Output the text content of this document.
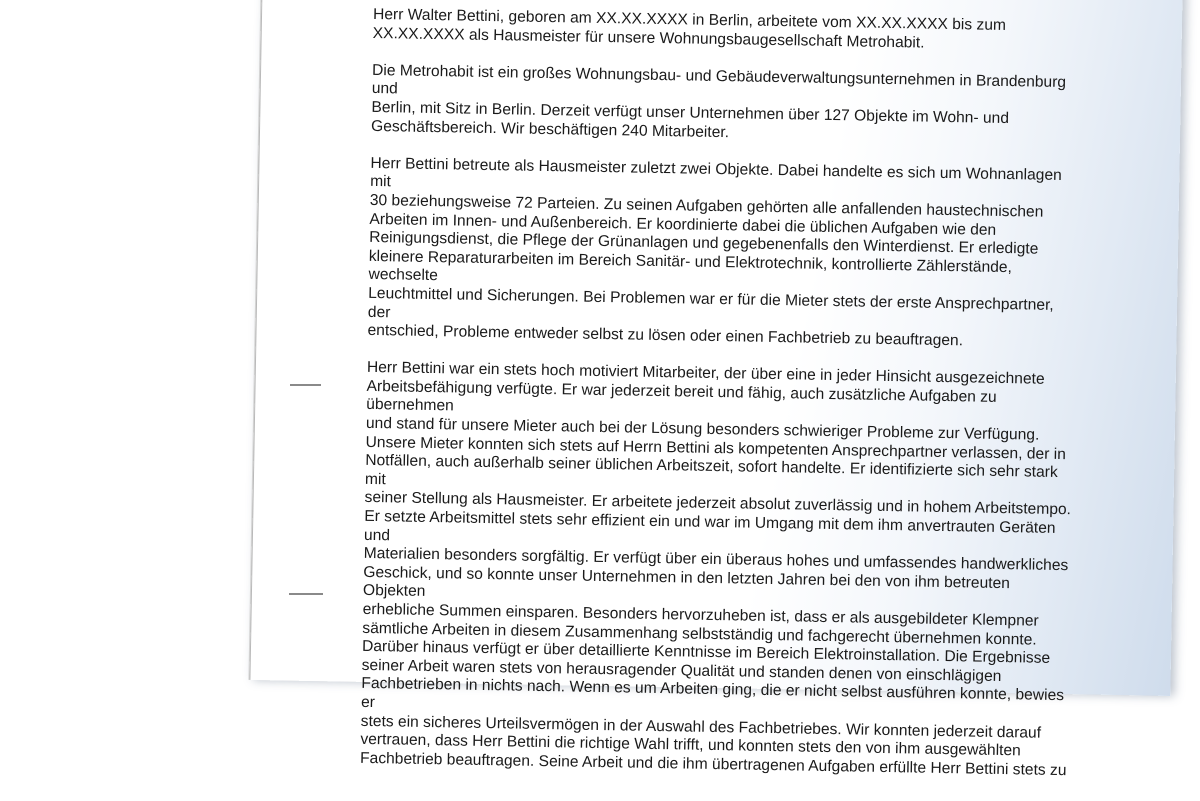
Herr Walter Bettini, geboren am XX.XX.XXXX in Berlin, arbeitete vom XX.XX.XXXX bis zum
XX.XX.XXXX als Hausmeister für unsere Wohnungsbaugesellschaft Metrohabit.

Die Metrohabit ist ein großes Wohnungsbau- und Gebäudeverwaltungsunternehmen in Brandenburg und
Berlin, mit Sitz in Berlin. Derzeit verfügt unser Unternehmen über 127 Objekte im Wohn- und
Geschäftsbereich. Wir beschäftigen 240 Mitarbeiter.

Herr Bettini betreute als Hausmeister zuletzt zwei Objekte. Dabei handelte es sich um Wohnanlagen mit
30 beziehungsweise 72 Parteien. Zu seinen Aufgaben gehörten alle anfallenden haustechnischen
Arbeiten im Innen- und Außenbereich. Er koordinierte dabei die üblichen Aufgaben wie den
Reinigungsdienst, die Pflege der Grünanlagen und gegebenenfalls den Winterdienst. Er erledigte
kleinere Reparaturarbeiten im Bereich Sanitär- und Elektrotechnik, kontrollierte Zählerstände, wechselte
Leuchtmittel und Sicherungen. Bei Problemen war er für die Mieter stets der erste Ansprechpartner, der
entschied, Probleme entweder selbst zu lösen oder einen Fachbetrieb zu beauftragen.

Herr Bettini war ein stets hoch motiviert Mitarbeiter, der über eine in jeder Hinsicht ausgezeichnete
Arbeitsbefähigung verfügte. Er war jederzeit bereit und fähig, auch zusätzliche Aufgaben zu übernehmen
und stand für unsere Mieter auch bei der Lösung besonders schwieriger Probleme zur Verfügung.
Unsere Mieter konnten sich stets auf Herrn Bettini als kompetenten Ansprechpartner verlassen, der in
Notfällen, auch außerhalb seiner üblichen Arbeitszeit, sofort handelte. Er identifizierte sich sehr stark mit
seiner Stellung als Hausmeister. Er arbeitete jederzeit absolut zuverlässig und in hohem Arbeitstempo.
Er setzte Arbeitsmittel stets sehr effizient ein und war im Umgang mit dem ihm anvertrauten Geräten und
Materialien besonders sorgfältig. Er verfügt über ein überaus hohes und umfassendes handwerkliches
Geschick, und so konnte unser Unternehmen in den letzten Jahren bei den von ihm betreuten Objekten
erhebliche Summen einsparen. Besonders hervorzuheben ist, dass er als ausgebildeter Klempner
sämtliche Arbeiten in diesem Zusammenhang selbstständig und fachgerecht übernehmen konnte.
Darüber hinaus verfügt er über detaillierte Kenntnisse im Bereich Elektroinstallation. Die Ergebnisse
seiner Arbeit waren stets von herausragender Qualität und standen denen von einschlägigen
Fachbetrieben in nichts nach. Wenn es um Arbeiten ging, die er nicht selbst ausführen konnte, bewies er
stets ein sicheres Urteilsvermögen in der Auswahl des Fachbetriebes. Wir konnten jederzeit darauf
vertrauen, dass Herr Bettini die richtige Wahl trifft, und konnten stets den von ihm ausgewählten
Fachbetrieb beauftragen. Seine Arbeit und die ihm übertragenen Aufgaben erfüllte Herr Bettini stets zu
